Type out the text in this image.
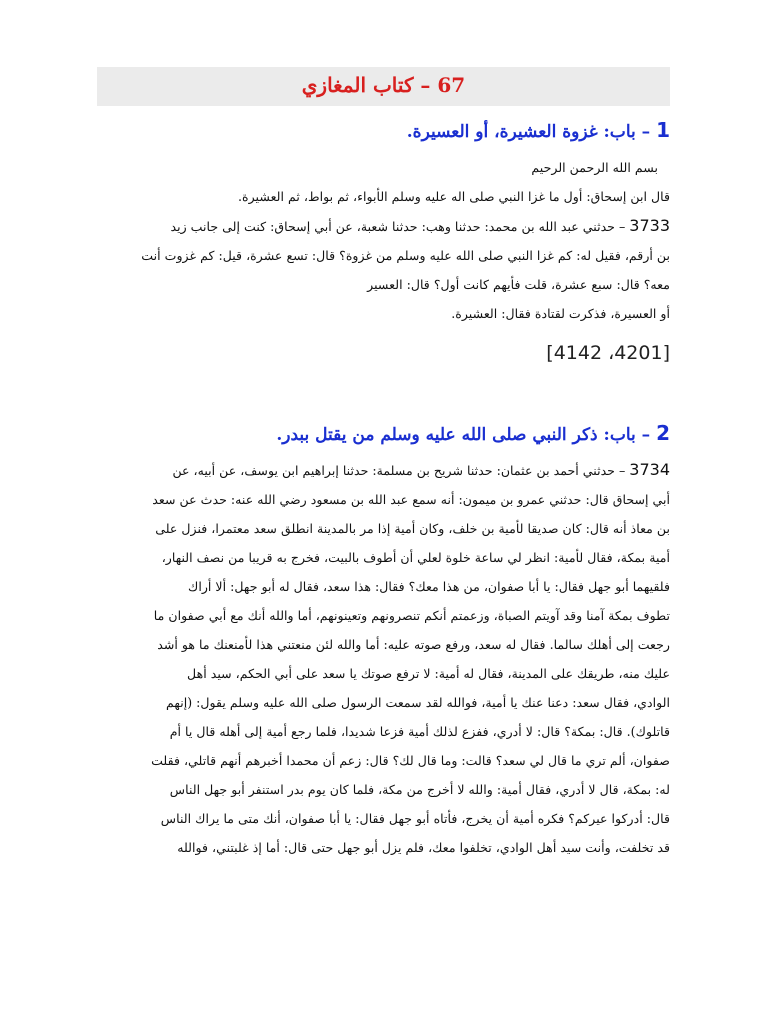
67 – كتاب المغازي
1 – باب: غزوة العشيرة، أو العسيرة.
بسم الله الرحمن الرحيم
قال ابن إسحاق: أول ما غزا النبي صلى اله عليه وسلم الأبواء، ثم بواط، ثم العشيرة.
3733 – حدثني عبد الله بن محمد: حدثنا وهب: حدثنا شعبة، عن أبي إسحاق: كنت إلى جانب زيد
بن أرقم، فقيل له: كم غزا النبي صلى الله عليه وسلم من غزوة؟ قال: تسع عشرة، قيل: كم غزوت أنت
معه؟ قال: سبع عشرة، قلت فأيهم كانت أول؟ قال: العسير
أو العسيرة، فذكرت لقتادة فقال: العشيرة.
[4201، 4142]
2 – باب: ذكر النبي صلى الله عليه وسلم من يقتل ببدر.
3734 – حدثني أحمد بن عثمان: حدثنا شريح بن مسلمة: حدثنا إبراهيم ابن يوسف، عن أبيه، عن
أبي إسحاق قال: حدثني عمرو بن ميمون: أنه سمع عبد الله بن مسعود رضي الله عنه: حدث عن سعد
بن معاذ أنه قال: كان صديقا لأمية بن خلف، وكان أمية إذا مر بالمدينة انطلق سعد معتمرا، فنزل على
أمية بمكة، فقال لأمية: انظر لي ساعة خلوة لعلي أن أطوف بالبيت، فخرج به قريبا من نصف النهار،
فلقيهما أبو جهل فقال: يا أبا صفوان، من هذا معك؟ فقال: هذا سعد، فقال له أبو جهل: ألا أراك
تطوف بمكة آمنا وقد آويتم الصباة، وزعمتم أنكم تنصرونهم وتعينونهم، أما والله أنك مع أبي صفوان ما
رجعت إلى أهلك سالما. فقال له سعد، ورفع صوته عليه: أما والله لئن منعتني هذا لأمنعنك ما هو أشد
عليك منه، طريقك على المدينة، فقال له أمية: لا ترفع صوتك يا سعد على أبي الحكم، سيد أهل
الوادي، فقال سعد: دعنا عنك يا أمية، فوالله لقد سمعت الرسول صلى الله عليه وسلم يقول: (إنهم
قاتلوك). قال: بمكة؟ قال: لا أدري، ففزع لذلك أمية فزعا شديدا، فلما رجع أمية إلى أهله قال يا أم
صفوان، ألم تري ما قال لي سعد؟ قالت: وما قال لك؟ قال: زعم أن محمدا أخبرهم أنهم قاتلي، فقلت
له: بمكة، قال لا أدري، فقال أمية: والله لا أخرج من مكة، فلما كان يوم بدر استنفر أبو جهل الناس
قال: أدركوا عيركم؟ فكره أمية أن يخرج، فأتاه أبو جهل فقال: يا أبا صفوان، أنك متى ما يراك الناس
قد تخلفت، وأنت سيد أهل الوادي، تخلفوا معك، فلم يزل أبو جهل حتى قال: أما إذ غلبتني، فوالله
